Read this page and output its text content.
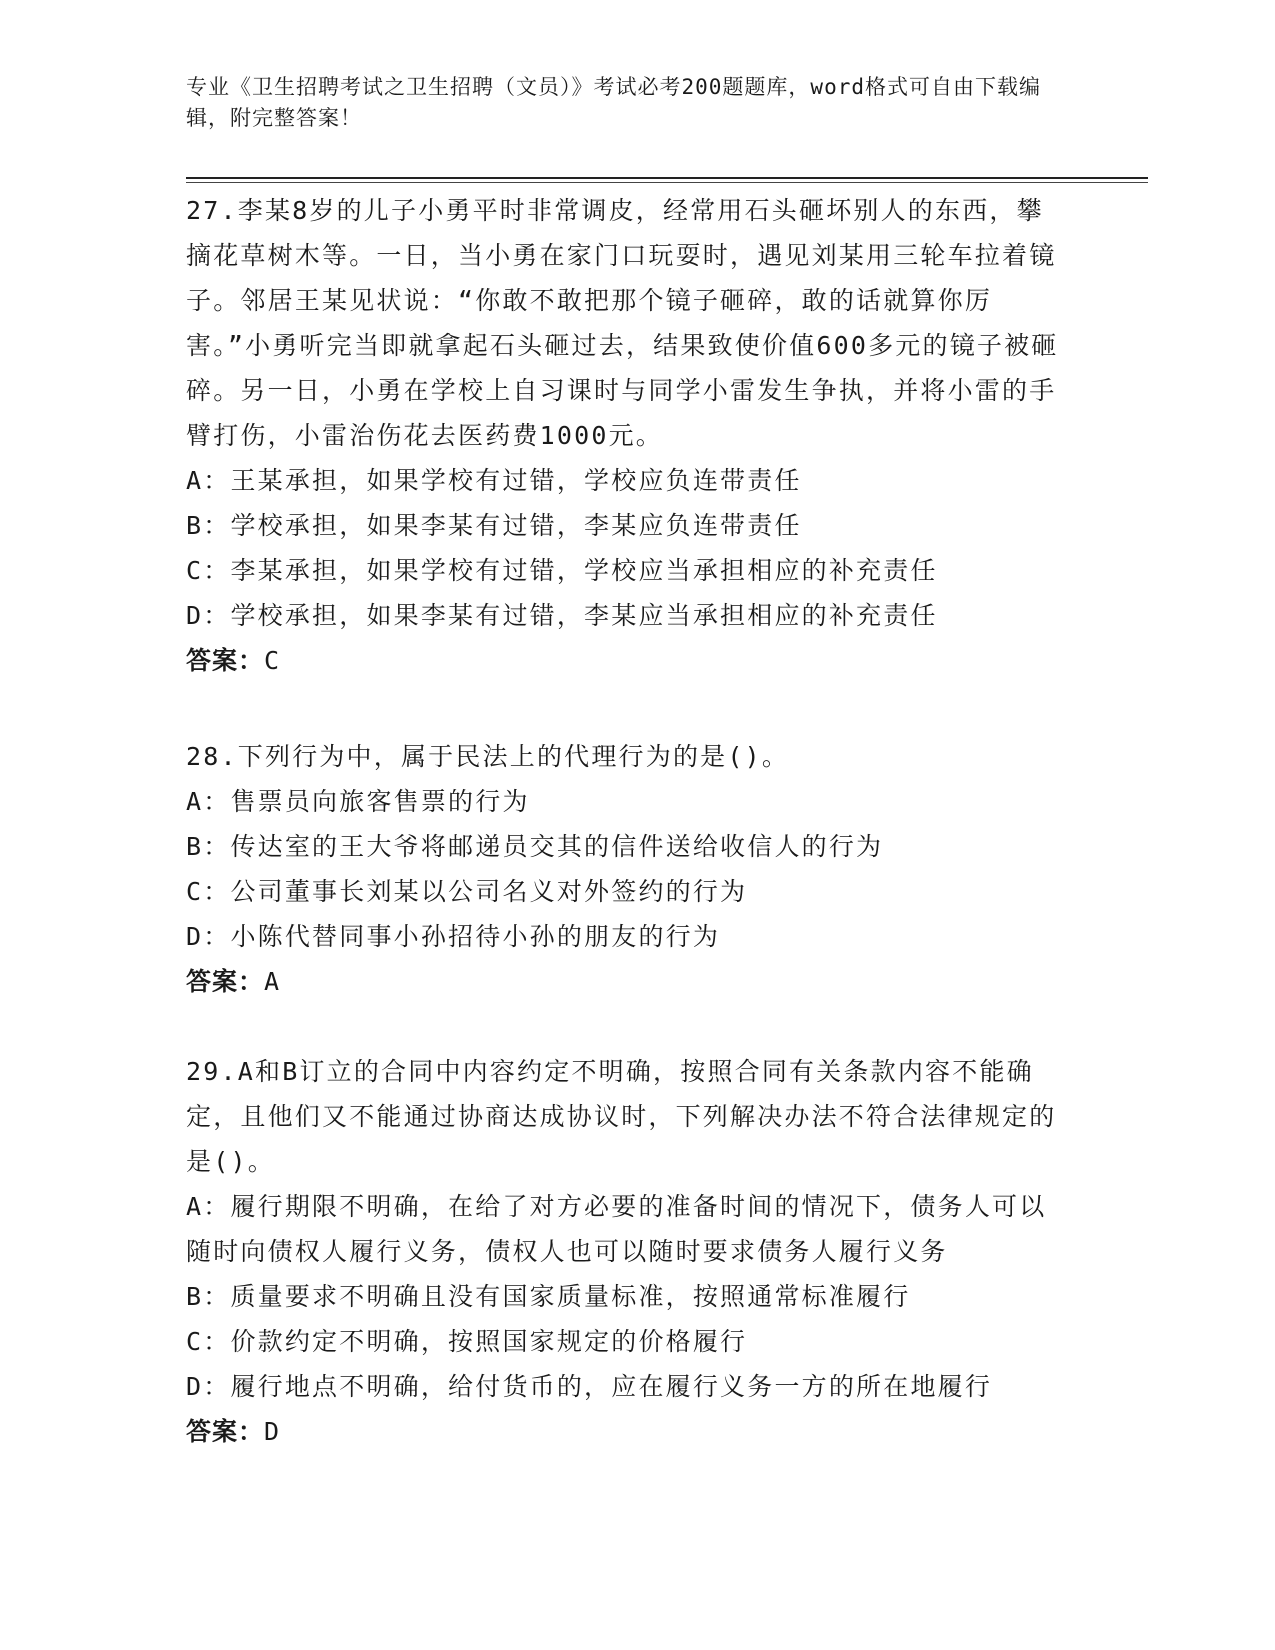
专业《卫生招聘考试之卫生招聘（文员）》考试必考200题题库，word格式可自由下载编辑，附完整答案！

27.李某8岁的儿子小勇平时非常调皮，经常用石头砸坏别人的东西，攀摘花草树木等。一日，当小勇在家门口玩耍时，遇见刘某用三轮车拉着镜子。邻居王某见状说：“你敢不敢把那个镜子砸碎，敢的话就算你厉害。”小勇听完当即就拿起石头砸过去，结果致使价值600多元的镜子被砸碎。另一日，小勇在学校上自习课时与同学小雷发生争执，并将小雷的手臂打伤，小雷治伤花去医药费1000元。

A：王某承担，如果学校有过错，学校应负连带责任

B：学校承担，如果李某有过错，李某应负连带责任

C：李某承担，如果学校有过错，学校应当承担相应的补充责任

D：学校承担，如果李某有过错，李某应当承担相应的补充责任

答案：C

28.下列行为中，属于民法上的代理行为的是()。

A：售票员向旅客售票的行为

B：传达室的王大爷将邮递员交其的信件送给收信人的行为

C：公司董事长刘某以公司名义对外签约的行为

D：小陈代替同事小孙招待小孙的朋友的行为

答案：A

29.A和B订立的合同中内容约定不明确，按照合同有关条款内容不能确定，且他们又不能通过协商达成协议时，下列解决办法不符合法律规定的是()。

A：履行期限不明确，在给了对方必要的准备时间的情况下，债务人可以随时向债权人履行义务，债权人也可以随时要求债务人履行义务

B：质量要求不明确且没有国家质量标准，按照通常标准履行

C：价款约定不明确，按照国家规定的价格履行

D：履行地点不明确，给付货币的，应在履行义务一方的所在地履行

答案：D
